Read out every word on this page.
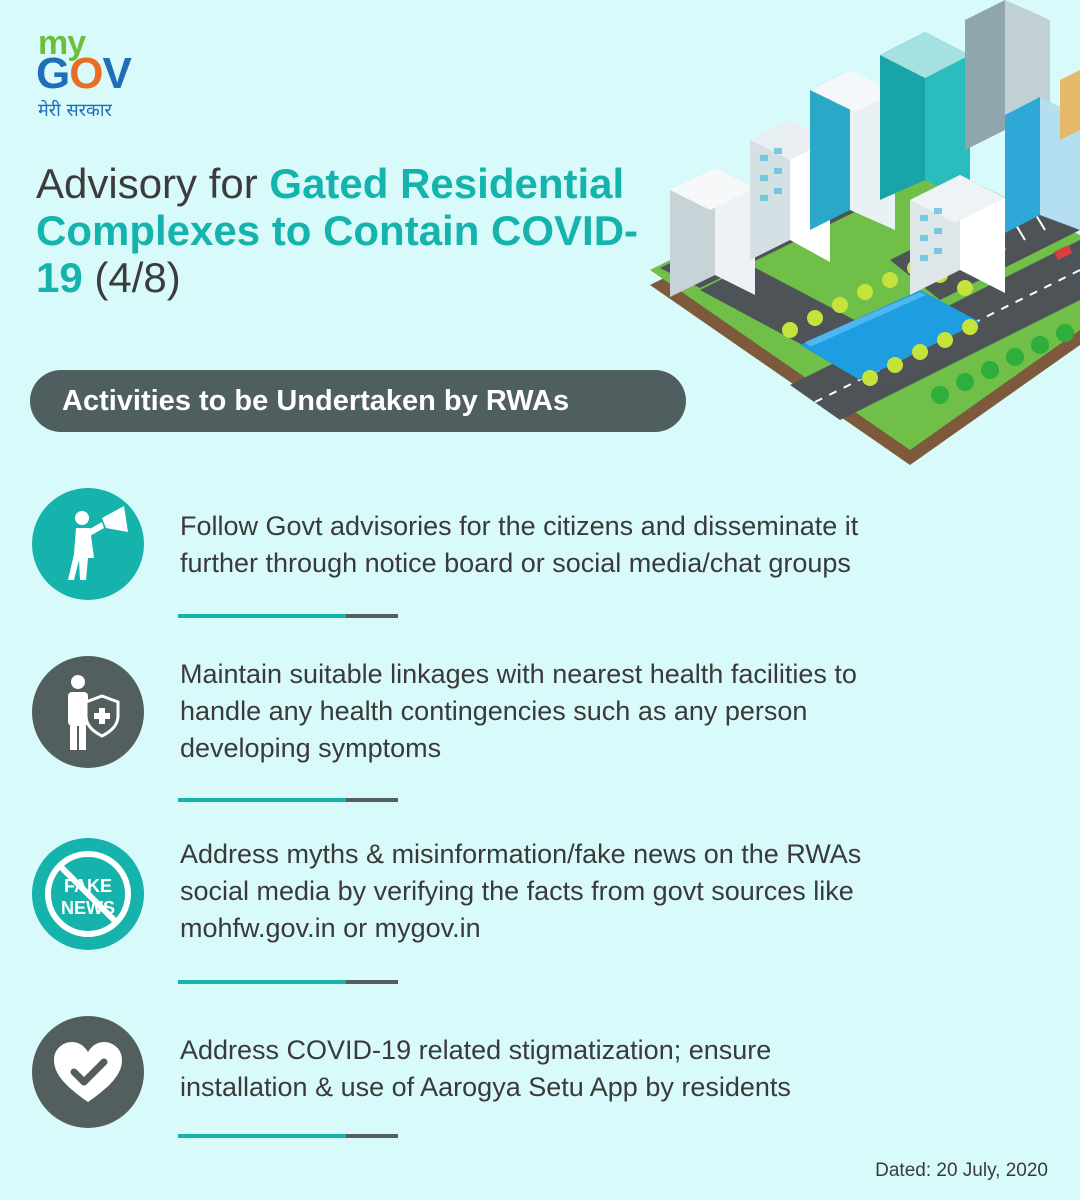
my
GOV
मेरी सरकार
Advisory for Gated Residential Complexes to Contain COVID-19 (4/8)
Activities to be Undertaken by RWAs
Follow Govt advisories for the citizens and disseminate it
further through notice board or social media/chat groups
Maintain suitable linkages with nearest health facilities to
handle any health contingencies such as any person
developing symptoms
FAKE
NEWS
Address myths & misinformation/fake news on the RWAs
social media by verifying the facts from govt sources like
mohfw.gov.in or mygov.in
Address COVID-19 related stigmatization; ensure
installation & use of Aarogya Setu App by residents
Dated: 20 July, 2020
